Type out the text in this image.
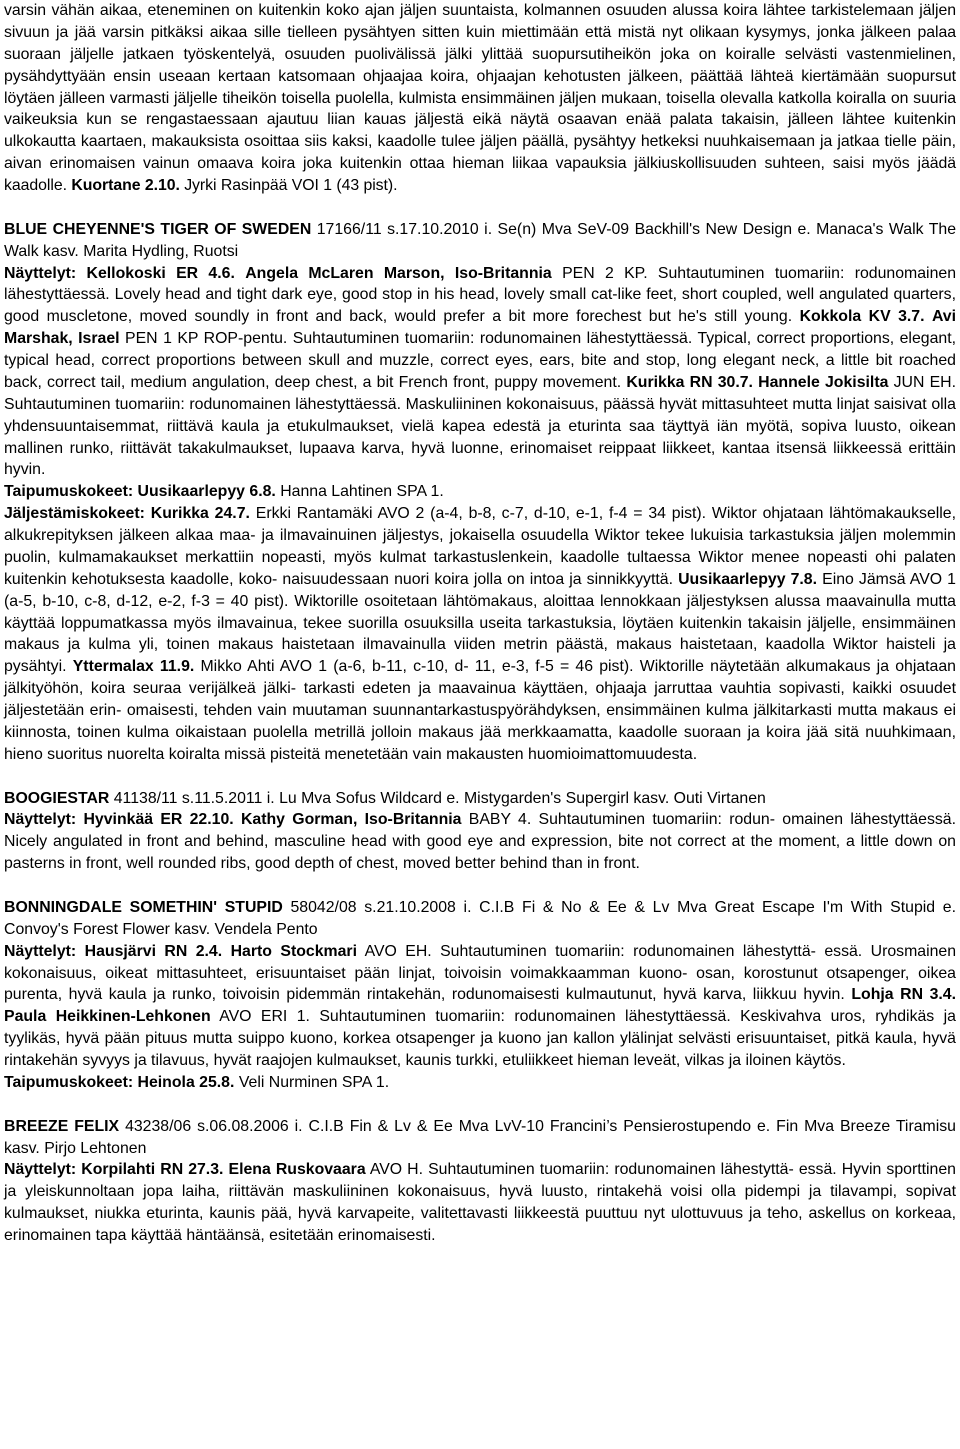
varsin vähän aikaa, eteneminen on kuitenkin koko ajan jäljen suuntaista, kolmannen osuuden alussa koira lähtee tarkistelemaan jäljen sivuun ja jää varsin pitkäksi aikaa sille tielleen pysähtyen sitten kuin miettimään että mistä nyt olikaan kysymys, jonka jälkeen palaa suoraan jäljelle jatkaen työskentelyä, osuuden puolivälissä jälki ylittää suopursutiheikön joka on koiralle selvästi vastenmielinen, pysähdyttyään ensin useaan kertaan katsomaan ohjaajaa koira, ohjaajan kehotusten jälkeen, päättää lähteä kiertämään suopursut löytäen jälleen varmasti jäljelle tiheikön toisella puolella, kulmista ensimmäinen jäljen mukaan, toisella olevalla katkolla koiralla on suuria vaikeuksia kun se rengastaessaan ajautuu liian kauas jäljestä eikä näytä osaavan enää palata takaisin, jälleen lähtee kuitenkin ulkokautta kaartaen, makauksista osoittaa siis kaksi, kaadolle tulee jäljen päällä, pysähtyy hetkeksi nuuhkaisemaan ja jatkaa tielle päin, aivan erinomaisen vainun omaava koira joka kuitenkin ottaa hieman liikaa vapauksia jälkiuskollisuuden suhteen, saisi myös jäädä kaadolle. Kuortane 2.10. Jyrki Rasinpää VOI 1 (43 pist).

BLUE CHEYENNE'S TIGER OF SWEDEN 17166/11 s.17.10.2010 i. Se(n) Mva SeV-09 Backhill's New Design e. Manaca's Walk The Walk kasv. Marita Hydling, Ruotsi
Näyttelyt: Kellokoski ER 4.6. Angela McLaren Marson, Iso-Britannia PEN 2 KP. Suhtautuminen tuomariin: rodunomainen lähestyttäessä. Lovely head and tight dark eye, good stop in his head, lovely small cat-like feet, short coupled, well angulated quarters, good muscletone, moved soundly in front and back, would prefer a bit more forechest but he's still young. Kokkola KV 3.7. Avi Marshak, Israel PEN 1 KP ROP-pentu. Suhtautuminen tuomariin: rodunomainen lähestyttäessä. Typical, correct proportions, elegant, typical head, correct proportions between skull and muzzle, correct eyes, ears, bite and stop, long elegant neck, a little bit roached back, correct tail, medium angulation, deep chest, a bit French front, puppy movement. Kurikka RN 30.7. Hannele Jokisilta JUN EH. Suhtautuminen tuomariin: rodunomainen lähestyttäessä. Maskuliininen kokonaisuus, päässä hyvät mittasuhteet mutta linjat saisivat olla yhdensuuntaisemmat, riittävä kaula ja etukulmaukset, vielä kapea edestä ja eturinta saa täyttyä iän myötä, sopiva luusto, oikean mallinen runko, riittävät takakulmaukset, lupaava karva, hyvä luonne, erinomaiset reippaat liikkeet, kantaa itsensä liikkeessä erittäin hyvin.
Taipumuskokeet: Uusikaarlepyy 6.8. Hanna Lahtinen SPA 1.
Jäljestämiskokeet: Kurikka 24.7. Erkki Rantamäki AVO 2 (a-4, b-8, c-7, d-10, e-1, f-4 = 34 pist). Wiktor ohjataan lähtömakaukselle, alkukrepityksen jälkeen alkaa maa- ja ilmavainuinen jäljestys, jokaisella osuudella Wiktor tekee lukuisia tarkastuksia jäljen molemmin puolin, kulmamakaukset merkattiin nopeasti, myös kulmat tarkastuslenkein, kaadolle tultaessa Wiktor menee nopeasti ohi palaten kuitenkin kehotuksesta kaadolle, koko- naisuudessaan nuori koira jolla on intoa ja sinnikkyyttä. Uusikaarlepyy 7.8. Eino Jämsä AVO 1 (a-5, b-10, c-8, d-12, e-2, f-3 = 40 pist). Wiktorille osoitetaan lähtömakaus, aloittaa lennokkaan jäljestyksen alussa maavainulla mutta käyttää loppumatkassa myös ilmavainua, tekee suorilla osuuksilla useita tarkastuksia, löytäen kuitenkin takaisin jäljelle, ensimmäinen makaus ja kulma yli, toinen makaus haistetaan ilmavainulla viiden metrin päästä, makaus haistetaan, kaadolla Wiktor haisteli ja pysähtyi. Yttermalax 11.9. Mikko Ahti AVO 1 (a-6, b-11, c-10, d- 11, e-3, f-5 = 46 pist). Wiktorille näytetään alkumakaus ja ohjataan jälkityöhön, koira seuraa verijälkeä jälki- tarkasti edeten ja maavainua käyttäen, ohjaaja jarruttaa vauhtia sopivasti, kaikki osuudet jäljestetään erin- omaisesti, tehden vain muutaman suunnantarkastuspyörähdyksen, ensimmäinen kulma jälkitarkasti mutta makaus ei kiinnosta, toinen kulma oikaistaan puolella metrillä jolloin makaus jää merkkaamatta, kaadolle suoraan ja koira jää sitä nuuhkimaan, hieno suoritus nuorelta koiralta missä pisteitä menetetään vain makausten huomioimattomuudesta.

BOOGIESTAR 41138/11 s.11.5.2011 i. Lu Mva Sofus Wildcard e. Mistygarden's Supergirl kasv. Outi Virtanen
Näyttelyt: Hyvinkää ER 22.10. Kathy Gorman, Iso-Britannia BABY 4. Suhtautuminen tuomariin: rodun- omainen lähestyttäessä. Nicely angulated in front and behind, masculine head with good eye and expression, bite not correct at the moment, a little down on pasterns in front, well rounded ribs, good depth of chest, moved better behind than in front.

BONNINGDALE SOMETHIN' STUPID 58042/08 s.21.10.2008 i. C.I.B Fi & No & Ee & Lv Mva Great Escape I'm With Stupid e. Convoy's Forest Flower kasv. Vendela Pento
Näyttelyt: Hausjärvi RN 2.4. Harto Stockmari AVO EH. Suhtautuminen tuomariin: rodunomainen lähestyttä- essä. Urosmainen kokonaisuus, oikeat mittasuhteet, erisuuntaiset pään linjat, toivoisin voimakkaamman kuono- osan, korostunut otsapenger, oikea purenta, hyvä kaula ja runko, toivoisin pidemmän rintakehän, rodunomaisesti kulmautunut, hyvä karva, liikkuu hyvin. Lohja RN 3.4. Paula Heikkinen-Lehkonen AVO ERI 1. Suhtautuminen tuomariin: rodunomainen lähestyttäessä. Keskivahva uros, ryhdikäs ja tyylikäs, hyvä pään pituus mutta suippo kuono, korkea otsapenger ja kuono jan kallon ylälinjat selvästi erisuuntaiset, pitkä kaula, hyvä rintakehän syvyys ja tilavuus, hyvät raajojen kulmaukset, kaunis turkki, etuliikkeet hieman leveät, vilkas ja iloinen käytös.
Taipumuskokeet: Heinola 25.8. Veli Nurminen SPA 1.

BREEZE FELIX 43238/06 s.06.08.2006 i. C.I.B Fin & Lv & Ee Mva LvV-10 Francini’s Pensierostupendo e. Fin Mva Breeze Tiramisu kasv. Pirjo Lehtonen
Näyttelyt: Korpilahti RN 27.3. Elena Ruskovaara AVO H. Suhtautuminen tuomariin: rodunomainen lähestyttä- essä. Hyvin sporttinen ja yleiskunnoltaan jopa laiha, riittävän maskuliininen kokonaisuus, hyvä luusto, rintakehä voisi olla pidempi ja tilavampi, sopivat kulmaukset, niukka eturinta, kaunis pää, hyvä karvapeite, valitettavasti liikkeestä puuttuu nyt ulottuvuus ja teho, askellus on korkeaa, erinomainen tapa käyttää häntäänsä, esitetään erinomaisesti.
